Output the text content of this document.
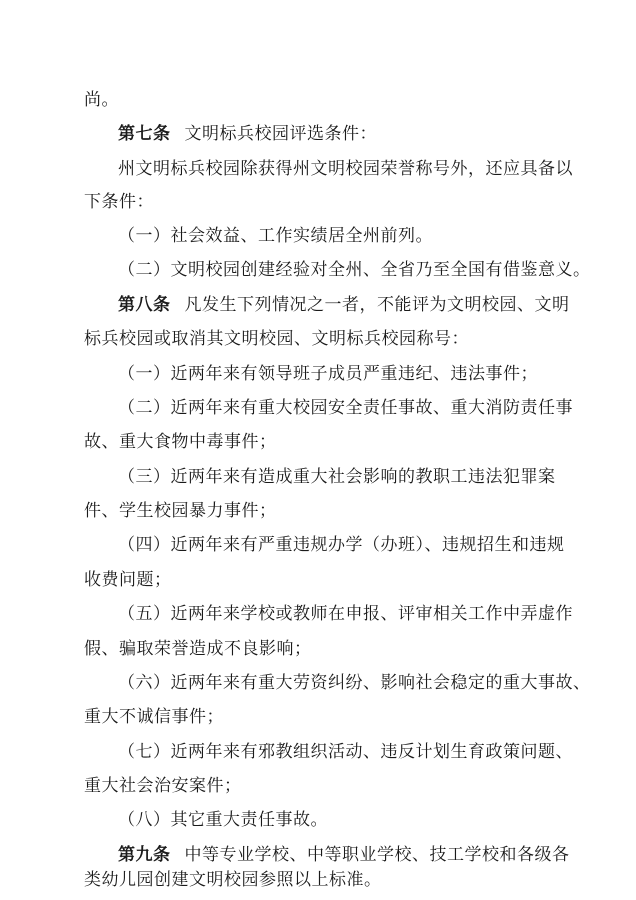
尚。
第七条 文明标兵校园评选条件：
州文明标兵校园除获得州文明校园荣誉称号外，还应具备以
下条件：
（一）社会效益、工作实绩居全州前列。
（二）文明校园创建经验对全州、全省乃至全国有借鉴意义。
第八条 凡发生下列情况之一者，不能评为文明校园、文明
标兵校园或取消其文明校园、文明标兵校园称号：
（一）近两年来有领导班子成员严重违纪、违法事件；
（二）近两年来有重大校园安全责任事故、重大消防责任事
故、重大食物中毒事件；
（三）近两年来有造成重大社会影响的教职工违法犯罪案
件、学生校园暴力事件；
（四）近两年来有严重违规办学（办班）、违规招生和违规
收费问题；
（五）近两年来学校或教师在申报、评审相关工作中弄虚作
假、骗取荣誉造成不良影响；
（六）近两年来有重大劳资纠纷、影响社会稳定的重大事故、
重大不诚信事件；
（七）近两年来有邪教组织活动、违反计划生育政策问题、
重大社会治安案件；
（八）其它重大责任事故。
第九条 中等专业学校、中等职业学校、技工学校和各级各
类幼儿园创建文明校园参照以上标准。
